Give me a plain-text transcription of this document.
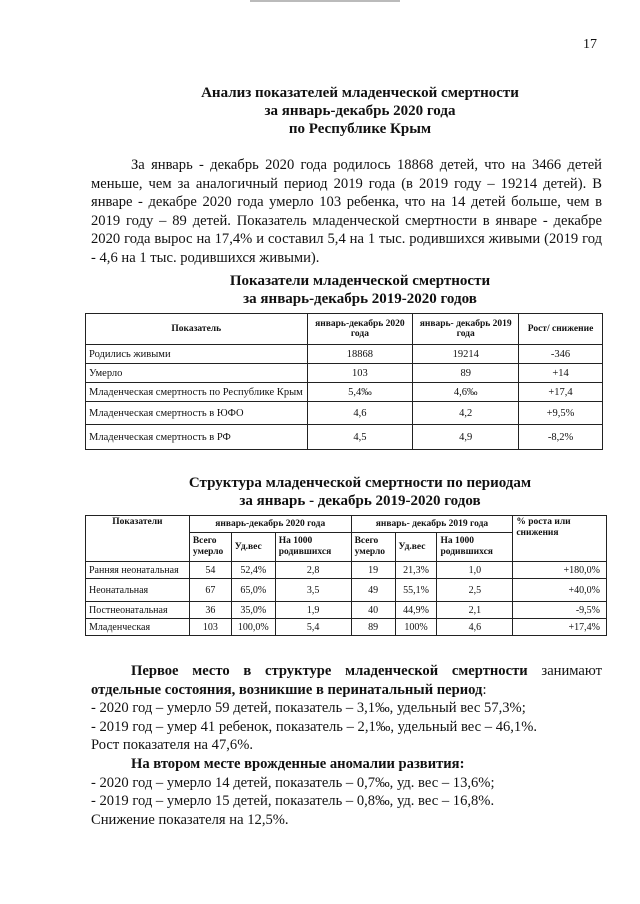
17
Анализ показателей младенческой смертности
за январь-декабрь 2020 года
по Республике Крым
За январь - декабрь 2020 года родилось 18868 детей, что на 3466 детей меньше, чем за аналогичный период 2019 года (в 2019 году – 19214 детей). В январе - декабре 2020 года умерло 103 ребенка, что на 14 детей больше, чем в 2019 году – 89 детей. Показатель младенческой смертности в январе - декабре 2020 года вырос на 17,4% и составил 5,4 на 1 тыс. родившихся живыми (2019 год - 4,6 на 1 тыс. родившихся живыми).
Показатели младенческой смертности
за январь-декабрь 2019-2020 годов
Показатель	январь-декабрь 2020 года	январь- декабрь 2019 года	Рост/ снижение
Родились живыми	18868	19214	-346
Умерло	103	89	+14
Младенческая смертность по Республике Крым	5,4‰	4,6‰	+17,4
Младенческая смертность в ЮФО	4,6	4,2	+9,5%
Младенческая смертность в РФ	4,5	4,9	-8,2%
Структура младенческой смертности по периодам
за январь - декабрь 2019-2020 годов
Показатели	январь-декабрь 2020 года			январь- декабрь 2019 года			% роста или снижения
	Всего умерло	Уд.вес	На 1000 родившихся	Всего умерло	Уд.вес	На 1000 родившихся	
Ранняя неонатальная	54	52,4%	2,8	19	21,3%	1,0	+180,0%
Неонатальная	67	65,0%	3,5	49	55,1%	2,5	+40,0%
Постнеонатальная	36	35,0%	1,9	40	44,9%	2,1	-9,5%
Младенческая	103	100,0%	5,4	89	100%	4,6	+17,4%
Первое место в структуре младенческой смертности занимают отдельные состояния, возникшие в перинатальный период:
- 2020 год – умерло 59 детей, показатель – 3,1‰, удельный вес 57,3%;
- 2019 год – умер 41 ребенок, показатель – 2,1‰, удельный вес – 46,1%.
Рост показателя на 47,6%.
На втором месте врожденные аномалии развития:
- 2020 год – умерло 14 детей, показатель – 0,7‰, уд. вес – 13,6%;
- 2019 год – умерло 15 детей, показатель – 0,8‰, уд. вес – 16,8%.
Снижение показателя на 12,5%.
